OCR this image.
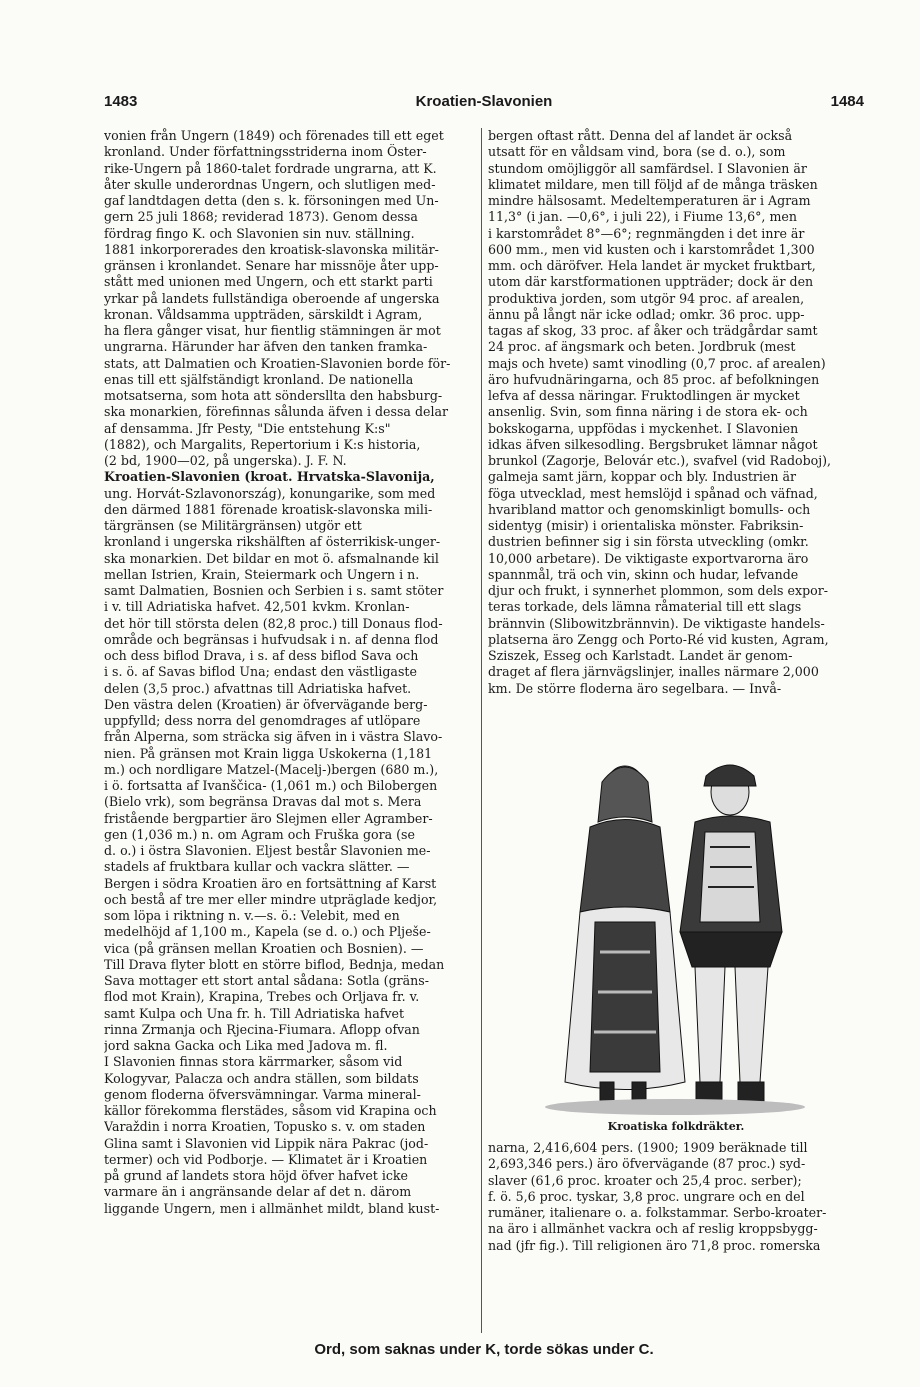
1483	Kroatien-Slavonien	1484
vonien från Ungern (1849) och förenades till ett eget
kronland. Under författningsstriderna inom Öster-
rike-Ungern på 1860-talet fordrade ungrarna, att K.
åter skulle underordnas Ungern, och slutligen med-
gaf landtdagen detta (den s. k. försoningen med Un-
gern 25 juli 1868; reviderad 1873). Genom dessa
fördrag fingo K. och Slavonien sin nuv. ställning.
1881 inkorporerades den kroatisk-slavonska militär-
gränsen i kronlandet. Senare har missnöje åter upp-
stått med unionen med Ungern, och ett starkt parti
yrkar på landets fullständiga oberoende af ungerska
kronan. Våldsamma uppträden, särskildt i Agram,
ha flera gånger visat, hur fientlig stämningen är mot
ungrarna. Härunder har äfven den tanken framka-
stats, att Dalmatien och Kroatien-Slavonien borde för-
enas till ett själfständigt kronland. De nationella
motsatserna, som hota att söndersllta den habsburg-
ska monarkien, förefinnas sålunda äfven i dessa delar
af densamma. Jfr Pesty, "Die entstehung K:s"
(1882), och Margalits, Repertorium i K:s historia,
(2 bd, 1900—02, på ungerska). J. F. N.
Kroatien-Slavonien (kroat. Hrvatska-Slavonija,
ung. Horvát-Szlavonország), konungarike, som med
den därmed 1881 förenade kroatisk-slavonska mili-
tärgränsen (se Militärgränsen) utgör ett
kronland i ungerska rikshälften af österrikisk-unger-
ska monarkien. Det bildar en mot ö. afsmalnande kil
mellan Istrien, Krain, Steiermark och Ungern i n.
samt Dalmatien, Bosnien och Serbien i s. samt stöter
i v. till Adriatiska hafvet. 42,501 kvkm. Kronlan-
det hör till största delen (82,8 proc.) till Donaus flod-
område och begränsas i hufvudsak i n. af denna flod
och dess biflod Drava, i s. af dess biflod Sava och
i s. ö. af Savas biflod Una; endast den västligaste
delen (3,5 proc.) afvattnas till Adriatiska hafvet.
Den västra delen (Kroatien) är öfvervägande berg-
uppfylld; dess norra del genomdrages af utlöpare
från Alperna, som sträcka sig äfven in i västra Slavo-
nien. På gränsen mot Krain ligga Uskokerna (1,181
m.) och nordligare Matzel-(Macelj-)bergen (680 m.),
i ö. fortsatta af Ivanščica- (1,061 m.) och Bilobergen
(Bielo vrk), som begränsa Dravas dal mot s. Mera
fristående bergpartier äro Slejmen eller Agramber-
gen (1,036 m.) n. om Agram och Fruška gora (se
d. o.) i östra Slavonien. Eljest består Slavonien me-
stadels af fruktbara kullar och vackra slätter. —
Bergen i södra Kroatien äro en fortsättning af Karst
och bestå af tre mer eller mindre utpräglade kedjor,
som löpa i riktning n. v.—s. ö.: Velebit, med en
medelhöjd af 1,100 m., Kapela (se d. o.) och Plješe-
vica (på gränsen mellan Kroatien och Bosnien). —
Till Drava flyter blott en större biflod, Bednja, medan
Sava mottager ett stort antal sådana: Sotla (gräns-
flod mot Krain), Krapina, Trebes och Orljava fr. v.
samt Kulpa och Una fr. h. Till Adriatiska hafvet
rinna Zrmanja och Rjecina-Fiumara. Aflopp ofvan
jord sakna Gacka och Lika med Jadova m. fl.
I Slavonien finnas stora kärrmarker, såsom vid
Kologyvar, Palacza och andra ställen, som bildats
genom floderna öfversvämningar. Varma mineral-
källor förekomma flerstädes, såsom vid Krapina och
Varaždin i norra Kroatien, Topusko s. v. om staden
Glina samt i Slavonien vid Lippik nära Pakrac (jod-
termer) och vid Podborje. — Klimatet är i Kroatien
på grund af landets stora höjd öfver hafvet icke
varmare än i angränsande delar af det n. därom
liggande Ungern, men i allmänhet mildt, bland kust-
bergen oftast rått. Denna del af landet är också
utsatt för en våldsam vind, bora (se d. o.), som
stundom omöjliggör all samfärdsel. I Slavonien är
klimatet mildare, men till följd af de många träsken
mindre hälsosamt. Medeltemperaturen är i Agram
11,3° (i jan. —0,6°, i juli 22), i Fiume 13,6°, men
i karstområdet 8°—6°; regnmängden i det inre är
600 mm., men vid kusten och i karstområdet 1,300
mm. och däröfver. Hela landet är mycket fruktbart,
utom där karstformationen uppträder; dock är den
produktiva jorden, som utgör 94 proc. af arealen,
ännu på långt när icke odlad; omkr. 36 proc. upp-
tagas af skog, 33 proc. af åker och trädgårdar samt
24 proc. af ängsmark och beten. Jordbruk (mest
majs och hvete) samt vinodling (0,7 proc. af arealen)
äro hufvudnäringarna, och 85 proc. af befolkningen
lefva af dessa näringar. Fruktodlingen är mycket
ansenlig. Svin, som finna näring i de stora ek- och
bokskogarna, uppfödas i myckenhet. I Slavonien
idkas äfven silkesodling. Bergsbruket lämnar något
brunkol (Zagorje, Belovár etc.), svafvel (vid Radoboj),
galmeja samt järn, koppar och bly. Industrien är
föga utvecklad, mest hemslöjd i spånad och väfnad,
hvaribland mattor och genomskinligt bomulls- och
sidentyg (misir) i orientaliska mönster. Fabriksin-
dustrien befinner sig i sin första utveckling (omkr.
10,000 arbetare). De viktigaste exportvarorna äro
spannmål, trä och vin, skinn och hudar, lefvande
djur och frukt, i synnerhet plommon, som dels expor-
teras torkade, dels lämna råmaterial till ett slags
brännvin (Slibowitzbrännvin). De viktigaste handels-
platserna äro Zengg och Porto-Ré vid kusten, Agram,
Sziszek, Esseg och Karlstadt. Landet är genom-
draget af flera järnvägslinjer, inalles närmare 2,000
km. De större floderna äro segelbara. — Invå-
Kroatiska folkdräkter.
narna, 2,416,604 pers. (1900; 1909 beräknade till
2,693,346 pers.) äro öfvervägande (87 proc.) syd-
slaver (61,6 proc. kroater och 25,4 proc. serber);
f. ö. 5,6 proc. tyskar, 3,8 proc. ungrare och en del
rumäner, italienare o. a. folkstammar. Serbo-kroater-
na äro i allmänhet vackra och af reslig kroppsbygg-
nad (jfr fig.). Till religionen äro 71,8 proc. romerska
Ord, som saknas under K, torde sökas under C.
